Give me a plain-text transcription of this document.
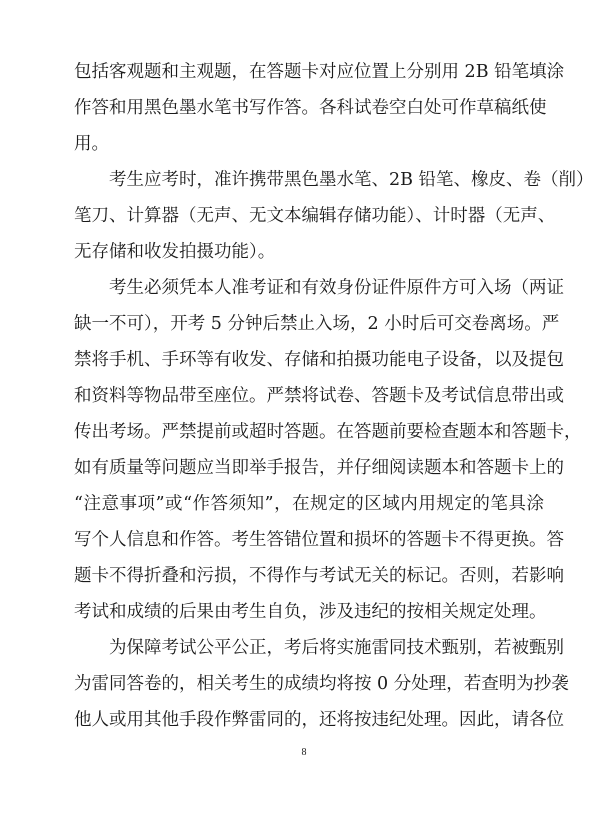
包括客观题和主观题，在答题卡对应位置上分别用 2B 铅笔填涂
作答和用黑色墨水笔书写作答。各科试卷空白处可作草稿纸使
用。
考生应考时，准许携带黑色墨水笔、2B 铅笔、橡皮、卷（削）
笔刀、计算器（无声、无文本编辑存储功能）、计时器（无声、
无存储和收发拍摄功能）。
考生必须凭本人准考证和有效身份证件原件方可入场（两证
缺一不可），开考 5 分钟后禁止入场，2 小时后可交卷离场。严
禁将手机、手环等有收发、存储和拍摄功能电子设备，以及提包
和资料等物品带至座位。严禁将试卷、答题卡及考试信息带出或
传出考场。严禁提前或超时答题。在答题前要检查题本和答题卡，
如有质量等问题应当即举手报告，并仔细阅读题本和答题卡上的
“注意事项”或“作答须知”，在规定的区域内用规定的笔具涂
写个人信息和作答。考生答错位置和损坏的答题卡不得更换。答
题卡不得折叠和污损，不得作与考试无关的标记。否则，若影响
考试和成绩的后果由考生自负，涉及违纪的按相关规定处理。
为保障考试公平公正，考后将实施雷同技术甄别，若被甄别
为雷同答卷的，相关考生的成绩均将按 0 分处理，若查明为抄袭
他人或用其他手段作弊雷同的，还将按违纪处理。因此，请各位
8
